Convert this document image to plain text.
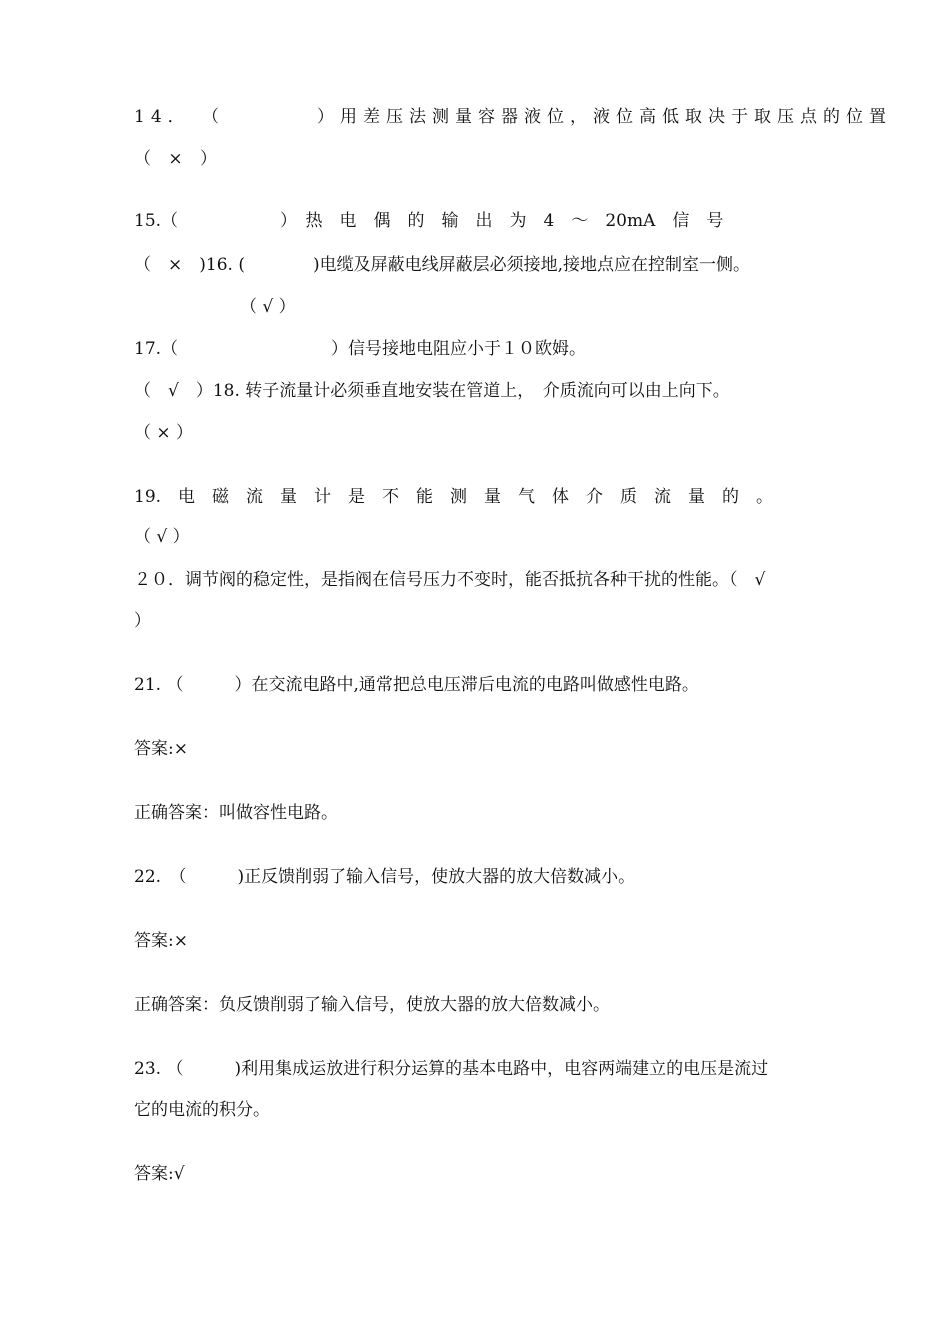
14． （　　　　）用差压法测量容器液位，液位高低取决于取压点的位置
（ × ）
15.（　　　　　　）　热　电　偶　的　输　出　为　4　～　20mA　信　号
（　×　)16. (　　　　)电缆及屏蔽电线屏蔽层必须接地,接地点应在控制室一侧。
（ √ ）
17.（　　　　　　　　　）信号接地电阻应小于１０欧姆。
（　√　）18. 转子流量计必须垂直地安装在管道上，　介质流向可以由上向下。
（ × ）
19.　电　磁　流　量　计　是　不　能　测　量　气　体　介　质　流　量　的　。
（ √ ）
２０．调节阀的稳定性，是指阀在信号压力不变时，能否抵抗各种干扰的性能。（　√
）
21. （　　　）在交流电路中,通常把总电压滞后电流的电路叫做感性电路。
答案:×
正确答案：叫做容性电路。
22.　（　　　)正反馈削弱了输入信号，使放大器的放大倍数减小。
答案:×
正确答案：负反馈削弱了输入信号，使放大器的放大倍数减小。
23. （　　　)利用集成运放进行积分运算的基本电路中，电容两端建立的电压是流过
它的电流的积分。
答案:√
